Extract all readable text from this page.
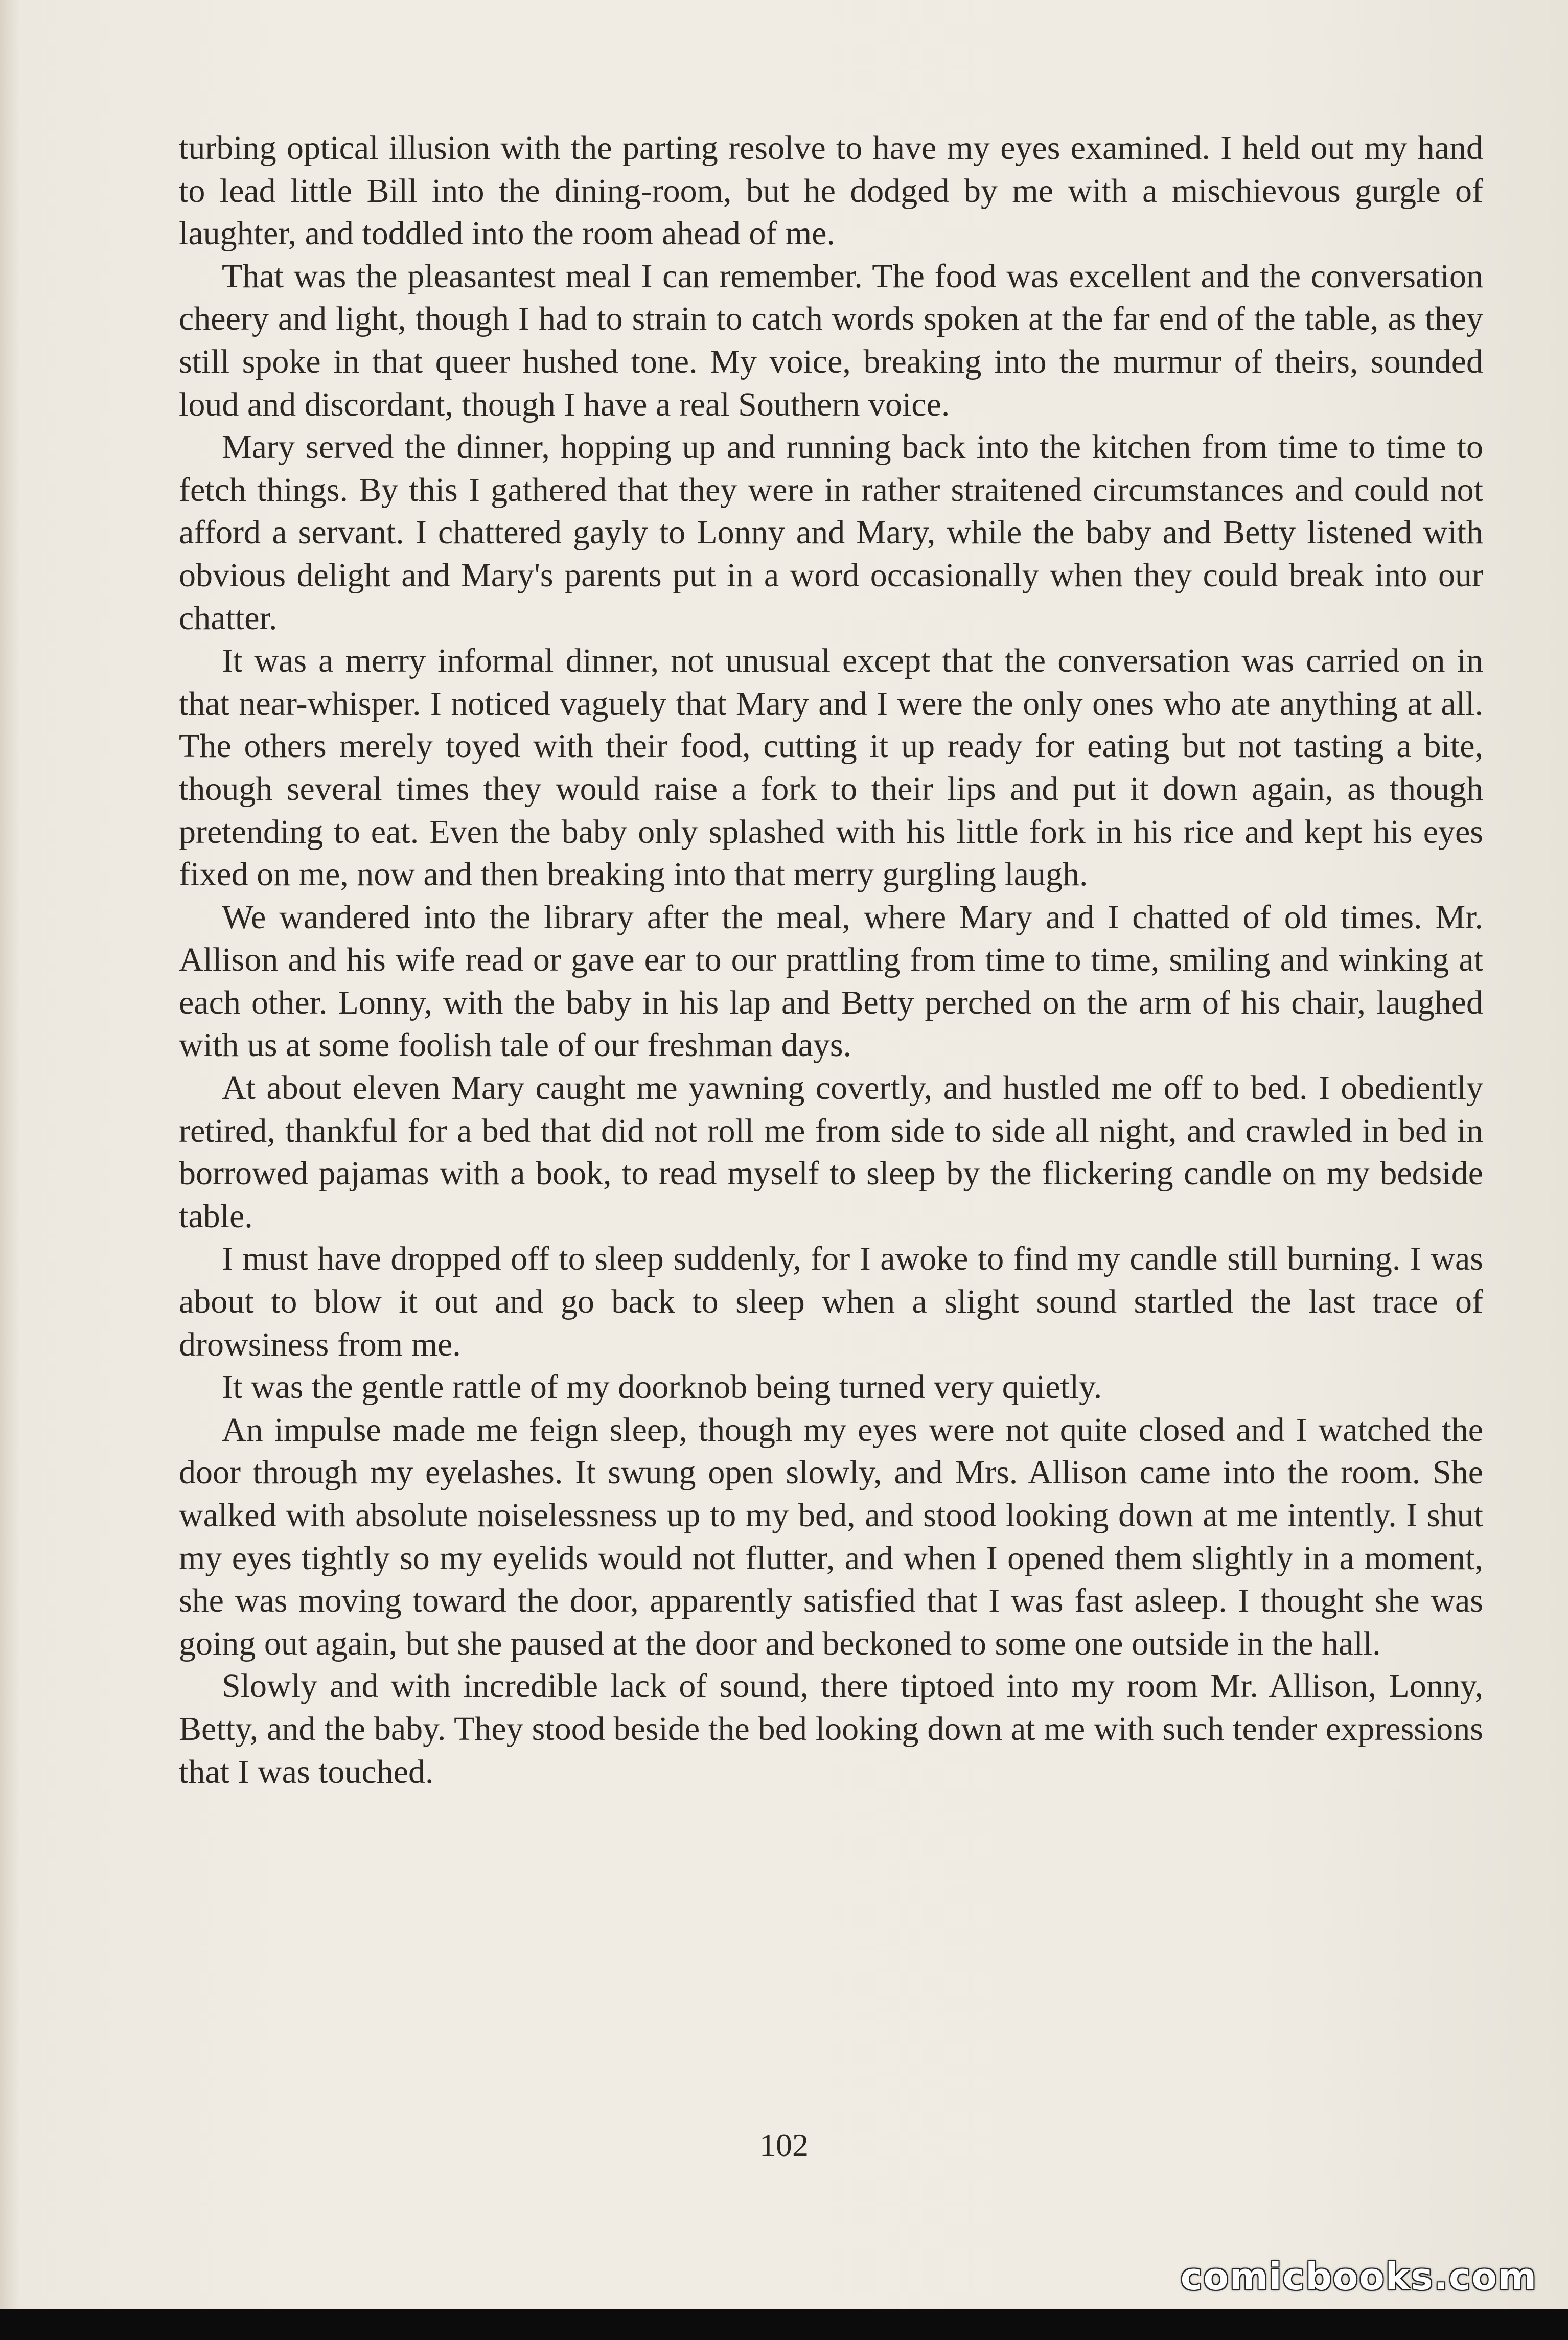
turbing optical illusion with the parting resolve to have my eyes examined. I held out my hand to lead little Bill into the dining-room, but he dodged by me with a mischievous gurgle of laughter, and toddled into the room ahead of me.

That was the pleasantest meal I can remember. The food was excellent and the conversation cheery and light, though I had to strain to catch words spoken at the far end of the table, as they still spoke in that queer hushed tone. My voice, breaking into the murmur of theirs, sounded loud and discordant, though I have a real Southern voice.

Mary served the dinner, hopping up and running back into the kitchen from time to time to fetch things. By this I gathered that they were in rather straitened circumstances and could not afford a servant. I chattered gayly to Lonny and Mary, while the baby and Betty listened with obvious delight and Mary's parents put in a word occasionally when they could break into our chatter.

It was a merry informal dinner, not unusual except that the conversation was carried on in that near-whisper. I noticed vaguely that Mary and I were the only ones who ate anything at all. The others merely toyed with their food, cutting it up ready for eating but not tasting a bite, though several times they would raise a fork to their lips and put it down again, as though pretending to eat. Even the baby only splashed with his little fork in his rice and kept his eyes fixed on me, now and then breaking into that merry gurgling laugh.

We wandered into the library after the meal, where Mary and I chatted of old times. Mr. Allison and his wife read or gave ear to our prattling from time to time, smiling and winking at each other. Lonny, with the baby in his lap and Betty perched on the arm of his chair, laughed with us at some foolish tale of our freshman days.

At about eleven Mary caught me yawning covertly, and hustled me off to bed. I obediently retired, thankful for a bed that did not roll me from side to side all night, and crawled in bed in borrowed pajamas with a book, to read myself to sleep by the flickering candle on my bedside table.

I must have dropped off to sleep suddenly, for I awoke to find my candle still burning. I was about to blow it out and go back to sleep when a slight sound startled the last trace of drowsiness from me.

It was the gentle rattle of my doorknob being turned very quietly.

An impulse made me feign sleep, though my eyes were not quite closed and I watched the door through my eyelashes. It swung open slowly, and Mrs. Allison came into the room. She walked with absolute noiselessness up to my bed, and stood looking down at me intently. I shut my eyes tightly so my eyelids would not flutter, and when I opened them slightly in a moment, she was moving toward the door, apparently satisfied that I was fast asleep. I thought she was going out again, but she paused at the door and beckoned to some one outside in the hall.

Slowly and with incredible lack of sound, there tiptoed into my room Mr. Allison, Lonny, Betty, and the baby. They stood beside the bed looking down at me with such tender expressions that I was touched.

102
comicbooks.com
